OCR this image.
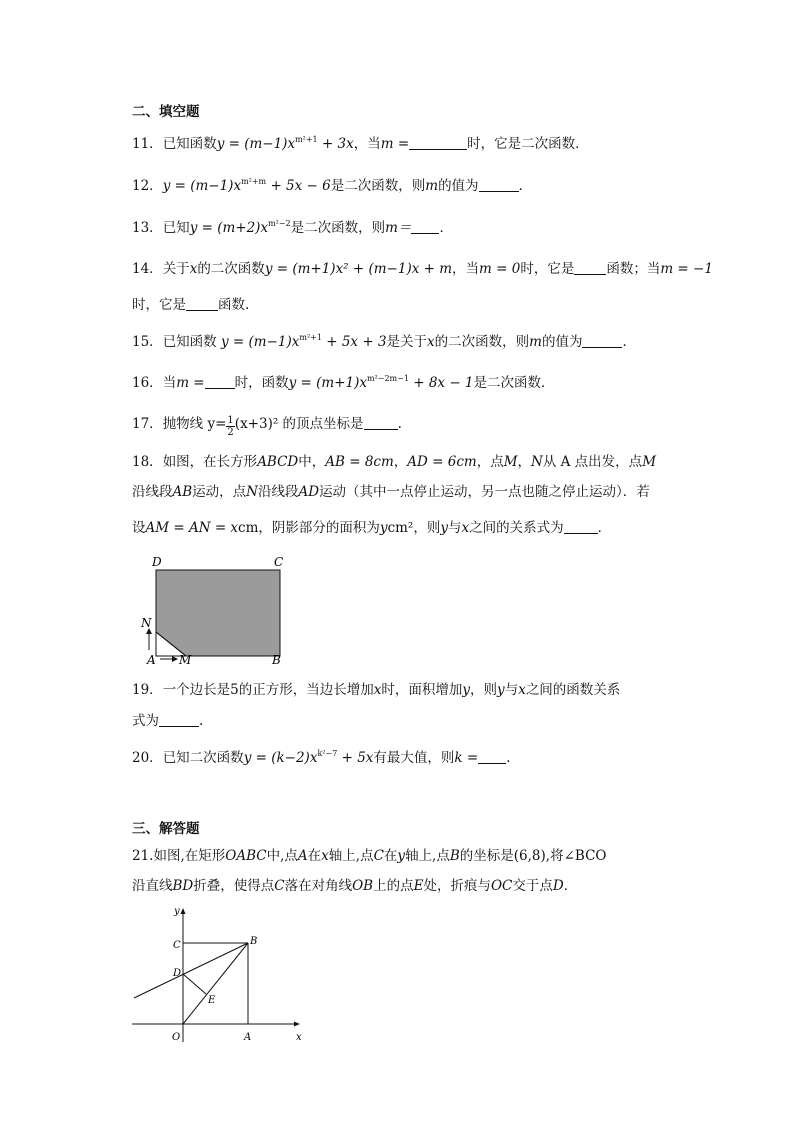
二、填空题
11．已知函数$y = (m-1)x^{m^2+1} + 3x$，当m =	时，它是二次函数．
12．$y = (m-1)x^{m^2+m} + 5x - 6$是二次函数，则m的值为	．
13．已知$y = (m+2)x^{m^2-2}$是二次函数，则m＝ ．
14．关于x的二次函数y = (m+1)x² + (m−1)x + m，当m = 0时，它是 函数；当m = −1
时，它是 函数.
15．已知函数 $y = (m-1)x^{m^2+1} + 5x + 3$是关于x的二次函数，则m的值为	．
16．当m = 时，函数$y = (m+1)x^{m^2-2m-1} + 8x - 1$是二次函数．
17．抛物线 $y= \frac{1}{2} (x+3)^2$ 的顶点坐标是	.
18．如图，在长方形ABCD中，AB = 8cm，AD = 6cm，点M，N从 A 点出发，点M
沿线段AB运动，点N沿线段AD运动（其中一点停止运动，另一点也随之停止运动）．若
设AM = AN = xcm，阴影部分的面积为ycm²，则y与x之间的关系式为	．
D	C
N
A M	B
19．一个边长是5的正方形，当边长增加x时，面积增加y，则y与x之间的函数关系
式为	.
20．已知二次函数$y = (k-2)x^{k^2-7} + 5x$有最大值，则k = ．
三、解答题
21.如图,在矩形OABC中,点A在x轴上,点C在y轴上,点B的坐标是(6,8),将∠BCO
沿直线BD折叠，使得点C落在对角线OB上的点E处，折痕与OC交于点D．
y
C	B
D
E
O	A	x
